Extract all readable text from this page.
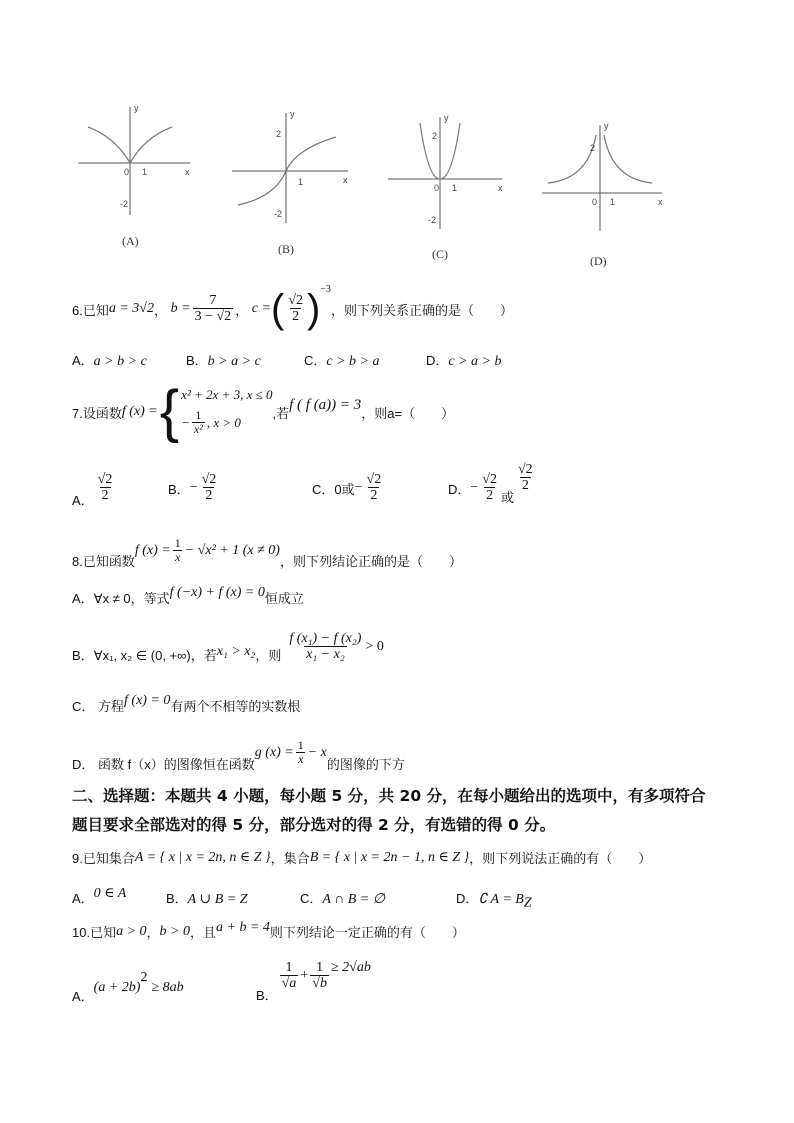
0 1
-2
y
x
(A)
2
1
-2
y
x
(B)
2
0 1
-2
y
x
(C)
2
0 1
y
x
(D)
6.已知 a = 3√2 ， $b = \frac{7}{3 - √2}$ ， c = ( $\frac{√2}{2}$ ) −3
，则下列关系正确的是（　　）
A．a > b > c	B．b > a > c	C．c > b > a	D．c > a > b
7.设函数 f (x) = { x² + 2x + 3, x ≤ 0
− $\frac{1}{\text{x²}}$ , x > 0
,若
f ( f (a)) = 3
，则a=（　　）
A． $\frac{√2}{2}$	B． − $\frac{√2}{2}$	C．0或 − $\frac{√2}{2}$	D． − $\frac{√2}{2}$ 或
$\frac{√2}{2}$
8.已知函数
f $(x) = \frac{1}{x} - √x^2 + 1$ (x ≠ 0)
，则下列结论正确的是（　　）
A．∀x ≠ 0，等式 f (−x) + f (x) = 0 恒成立
B．∀x₁, x₂ ∈ (0, +∞)，若 x₁ > x₂ ，则 $\frac{\text{f (x₁) − f (x₂)}}{\text{x₁ − x₂}} > 0$
C． 方程 f (x) = 0 有两个不相等的实数根
D． 函数 f（x）的图像恒在函数
g $(x) = \frac{1}{x} - x$
的图像的下方
二、选择题：本题共 4 小题，每小题 5 分，共 20 分，在每小题给出的选项中，有多项符合
题目要求全部选对的得 5 分，部分选对的得 2 分，有选错的得 0 分。
9.已知集合 A = { x | x = 2n, n ∈ Z } ，集合 B = { x | x = 2n − 1, n ∈ Z } ，则下列说法正确的有（　　）
A． 0 ∈ A	B．A ∪ B = Z	C．A ∩ B = ∅	D．∁ $A = B_Z$
10.已知 a > 0 ， b > 0 ，且 a + b = 4 则下列结论一定正确的有（　　）
A．
(a + 2b)
2
≥ 8ab
B．
$\frac{1}{√a} + \frac{1}{√b} \ge 2√ab$
